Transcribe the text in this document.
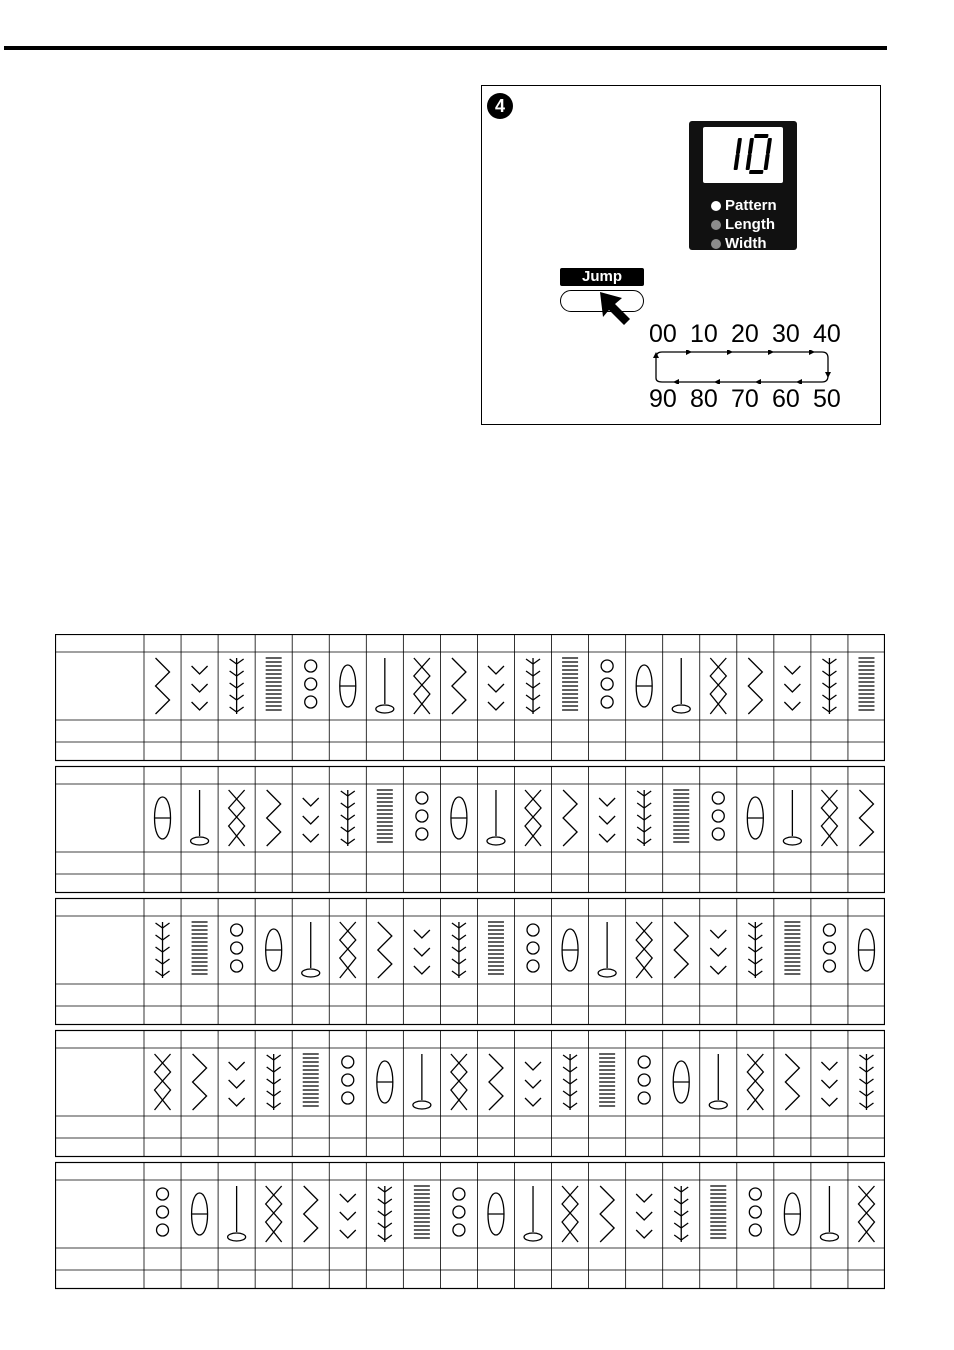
4
Pattern
Length
Width
Jump
00 10 20 30 40
90 80 70 60 50
